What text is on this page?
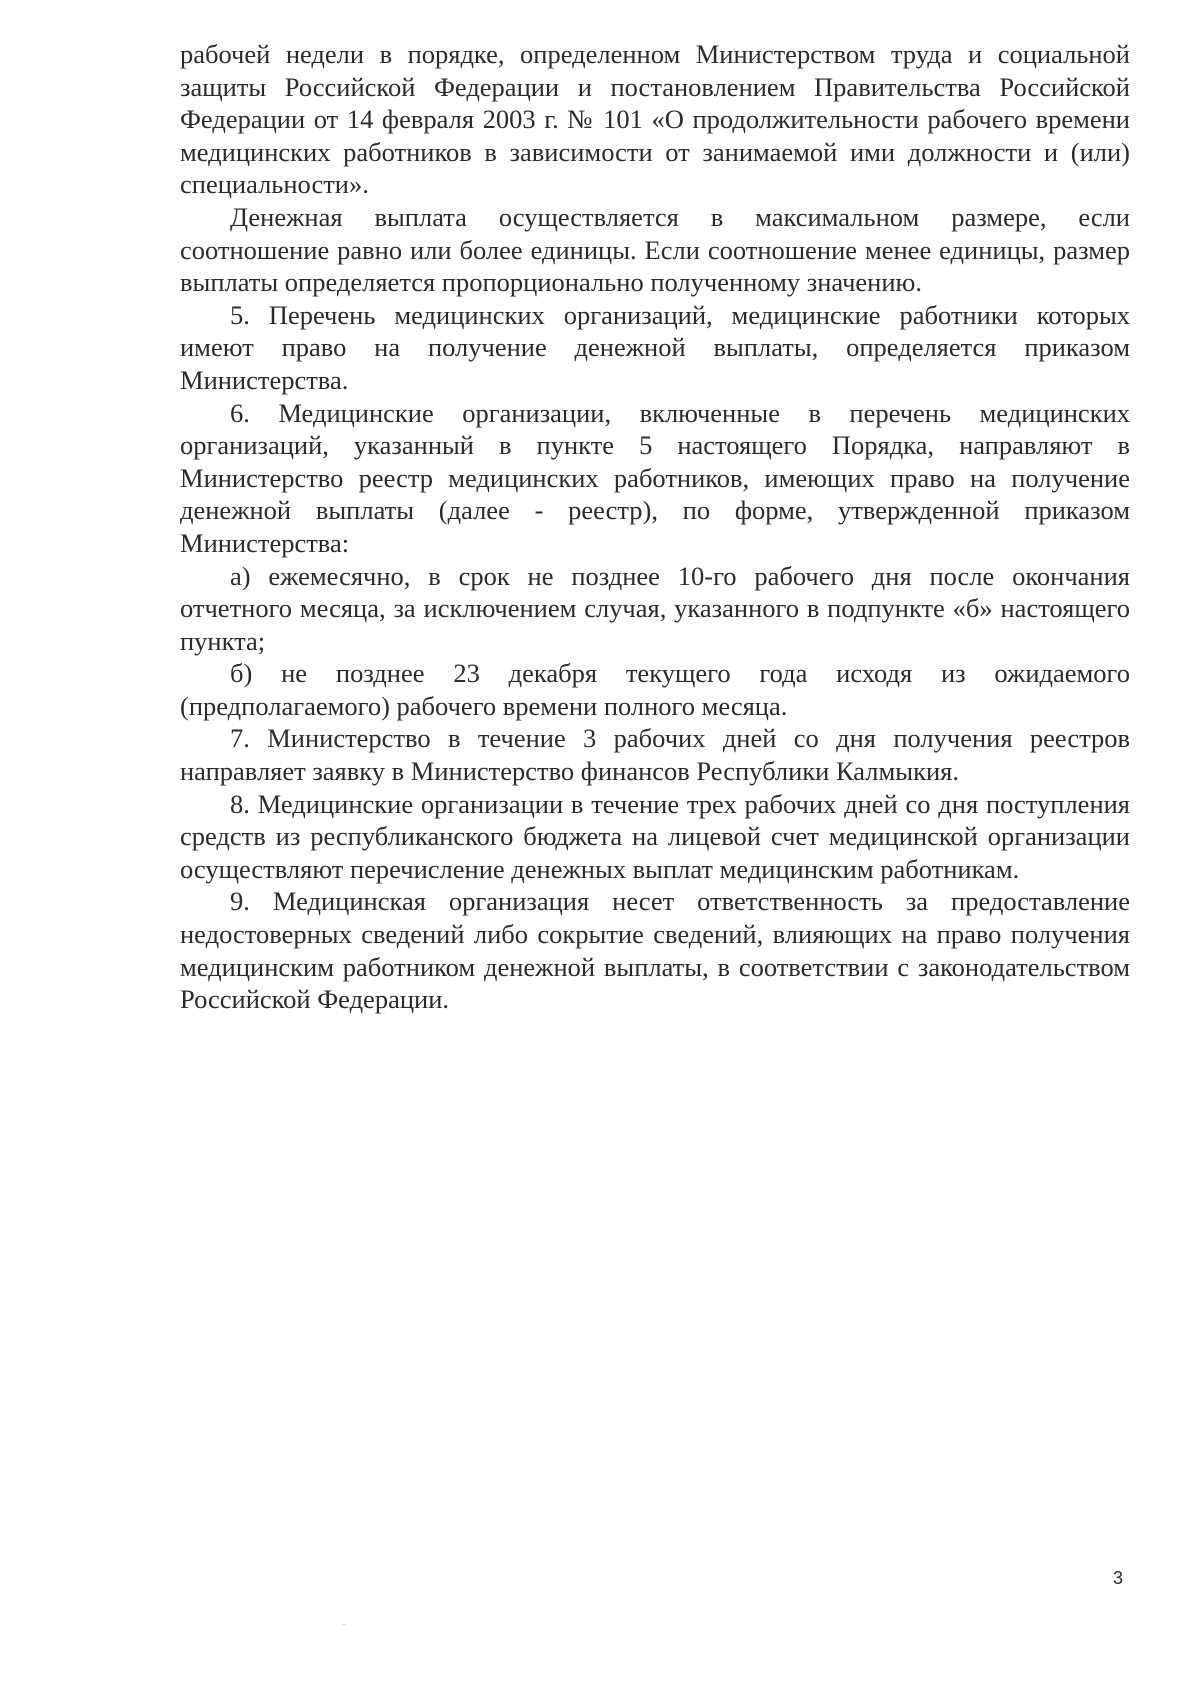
рабочей недели в порядке, определенном Министерством труда и социальной защиты Российской Федерации и постановлением Правительства Российской Федерации от 14 февраля 2003 г. № 101 «О продолжительности рабочего времени медицинских работников в зависимости от занимаемой ими должности и (или) специальности».

Денежная выплата осуществляется в максимальном размере, если соотношение равно или более единицы. Если соотношение менее единицы, размер выплаты определяется пропорционально полученному значению.

5. Перечень медицинских организаций, медицинские работники которых имеют право на получение денежной выплаты, определяется приказом Министерства.

6. Медицинские организации, включенные в перечень медицинских организаций, указанный в пункте 5 настоящего Порядка, направляют в Министерство реестр медицинских работников, имеющих право на получение денежной выплаты (далее - реестр), по форме, утвержденной приказом Министерства:

а) ежемесячно, в срок не позднее 10-го рабочего дня после окончания отчетного месяца, за исключением случая, указанного в подпункте «б» настоящего пункта;

б) не позднее 23 декабря текущего года исходя из ожидаемого (предполагаемого) рабочего времени полного месяца.

7. Министерство в течение 3 рабочих дней со дня получения реестров направляет заявку в Министерство финансов Республики Калмыкия.

8. Медицинские организации в течение трех рабочих дней со дня поступления средств из республиканского бюджета на лицевой счет медицинской организации осуществляют перечисление денежных выплат медицинским работникам.

9. Медицинская организация несет ответственность за предоставление недостоверных сведений либо сокрытие сведений, влияющих на право получения медицинским работником денежной выплаты, в соответствии с законодательством Российской Федерации.

3
